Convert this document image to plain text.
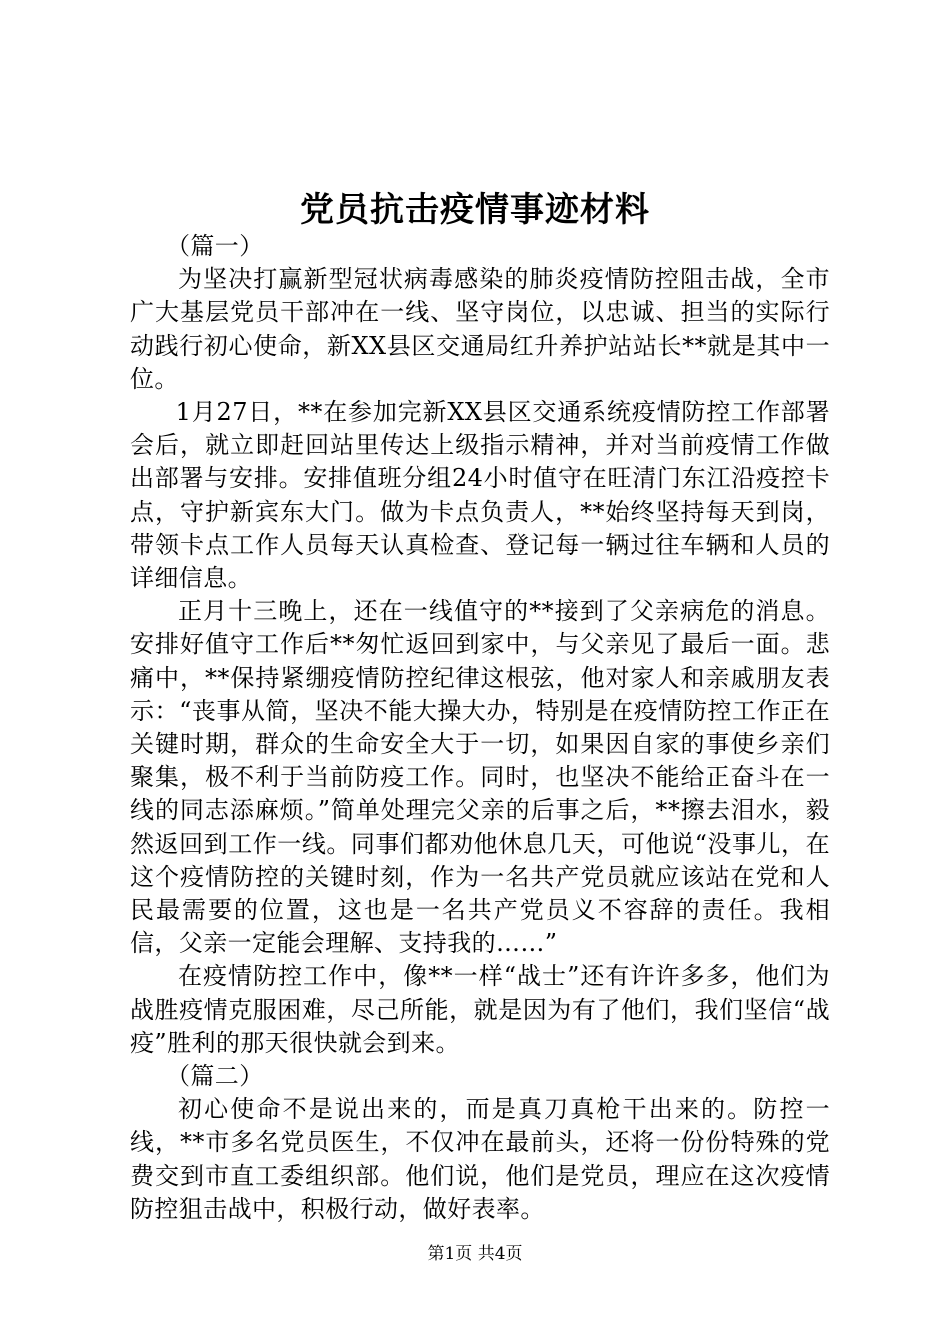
党员抗击疫情事迹材料

（篇一）

为坚决打赢新型冠状病毒感染的肺炎疫情防控阻击战，全市广大基层党员干部冲在一线、坚守岗位，以忠诚、担当的实际行动践行初心使命，新XX县区交通局红升养护站站长**就是其中一位。

1月27日，**在参加完新XX县区交通系统疫情防控工作部署会后，就立即赶回站里传达上级指示精神，并对当前疫情工作做出部署与安排。安排值班分组24小时值守在旺清门东江沿疫控卡点，守护新宾东大门。做为卡点负责人，**始终坚持每天到岗，带领卡点工作人员每天认真检查、登记每一辆过往车辆和人员的详细信息。

正月十三晚上，还在一线值守的**接到了父亲病危的消息。安排好值守工作后**匆忙返回到家中，与父亲见了最后一面。悲痛中，**保持紧绷疫情防控纪律这根弦，他对家人和亲戚朋友表示：“丧事从简，坚决不能大操大办，特别是在疫情防控工作正在关键时期，群众的生命安全大于一切，如果因自家的事使乡亲们聚集，极不利于当前防疫工作。同时，也坚决不能给正奋斗在一线的同志添麻烦。”简单处理完父亲的后事之后，**擦去泪水，毅然返回到工作一线。同事们都劝他休息几天，可他说“没事儿，在这个疫情防控的关键时刻，作为一名共产党员就应该站在党和人民最需要的位置，这也是一名共产党员义不容辞的责任。我相信，父亲一定能会理解、支持我的……”

在疫情防控工作中，像**一样“战士”还有许许多多，他们为战胜疫情克服困难，尽己所能，就是因为有了他们，我们坚信“战疫”胜利的那天很快就会到来。

（篇二）

初心使命不是说出来的，而是真刀真枪干出来的。防控一线，**市多名党员医生，不仅冲在最前头，还将一份份特殊的党费交到市直工委组织部。他们说，他们是党员，理应在这次疫情防控狙击战中，积极行动，做好表率。

第1页 共4页
